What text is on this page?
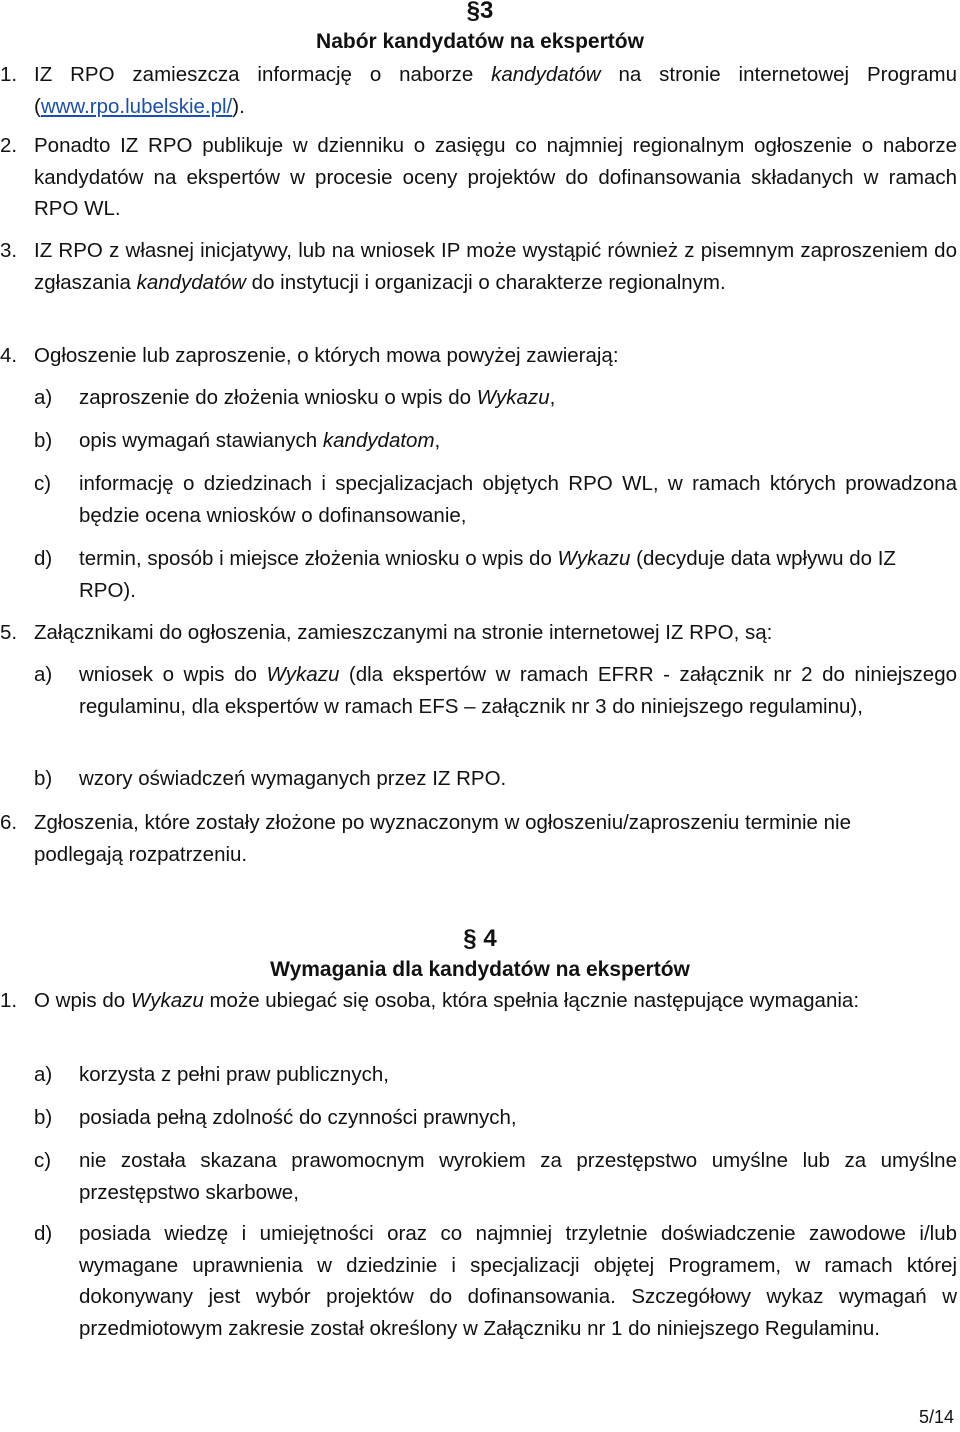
§3

Nabór kandydatów na ekspertów

1. IZ RPO zamieszcza informację o naborze kandydatów na stronie internetowej Programu (www.rpo.lubelskie.pl/).
2. Ponadto IZ RPO publikuje w dzienniku o zasięgu co najmniej regionalnym ogłoszenie o naborze kandydatów na ekspertów w procesie oceny projektów do dofinansowania składanych w ramach RPO WL.
3. IZ RPO z własnej inicjatywy, lub na wniosek IP może wystąpić również z pisemnym zaproszeniem do zgłaszania kandydatów do instytucji i organizacji o charakterze regionalnym.
4. Ogłoszenie lub zaproszenie, o których mowa powyżej zawierają:
a) zaproszenie do złożenia wniosku o wpis do Wykazu,
b) opis wymagań stawianych kandydatom,
c) informację o dziedzinach i specjalizacjach objętych RPO WL, w ramach których prowadzona będzie ocena wniosków o dofinansowanie,
d) termin, sposób i miejsce złożenia wniosku o wpis do Wykazu (decyduje data wpływu do IZ RPO).
5. Załącznikami do ogłoszenia, zamieszczanymi na stronie internetowej IZ RPO, są:
a) wniosek o wpis do Wykazu (dla ekspertów w ramach EFRR - załącznik nr 2 do niniejszego regulaminu, dla ekspertów w ramach EFS – załącznik nr 3 do niniejszego regulaminu),
b) wzory oświadczeń wymaganych przez IZ RPO.
6. Zgłoszenia, które zostały złożone po wyznaczonym w ogłoszeniu/zaproszeniu terminie nie podlegają rozpatrzeniu.
§ 4

Wymagania dla kandydatów na ekspertów

1. O wpis do Wykazu może ubiegać się osoba, która spełnia łącznie następujące wymagania:
a) korzysta z pełni praw publicznych,
b) posiada pełną zdolność do czynności prawnych,
c) nie została skazana prawomocnym wyrokiem za przestępstwo umyślne lub za umyślne przestępstwo skarbowe,
d) posiada wiedzę i umiejętności oraz co najmniej trzyletnie doświadczenie zawodowe i/lub wymagane uprawnienia w dziedzinie i specjalizacji objętej Programem, w ramach której dokonywany jest wybór projektów do dofinansowania. Szczegółowy wykaz wymagań w przedmiotowym zakresie został określony w Załączniku nr 1 do niniejszego Regulaminu.

5/14
